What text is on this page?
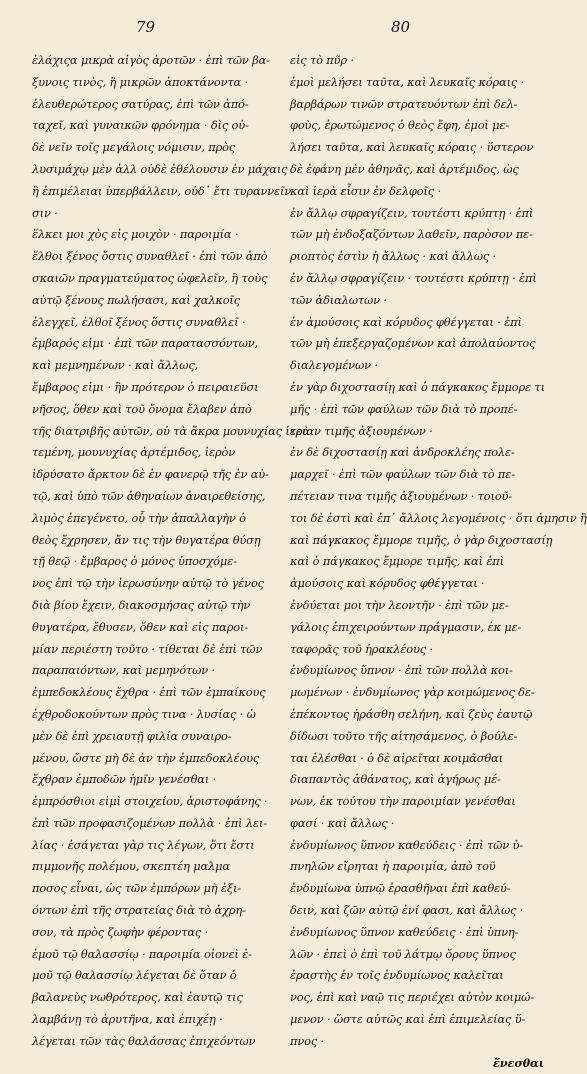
79	80
ἐλάχιςα μικρὰ αἰγὸς ἀροτῶν · ἐπὶ τῶν βα-
ξυνοις τινὸς, ἢ μικρῶν ἀποκτάνοντα ·
ἐλευθερώτερος σατύρας, ἐπὶ τῶν ἀπό-
ταχεῖ, καὶ γυναικῶν φρόνημα · δὶς οὐ-
δὲ νεῖν τοῖς μεγάλοις νόμισιν, πρὸς
λυσιμάχῳ μὲν ἀλλ οὐδὲ ἐθέλουσιν ἐν μάχαις
ἢ ἐπιμέλειαι ὑπερβάλλειν, οὐδ᾽ ἔτι τυραννεῖν
σιν ·
ἕλκει μοι χὸς εἰς μοιχὸν · παροιμία ·
ἕλθοι ξένος ὅστις συναθλεῖ · ἐπὶ τῶν ἀπὸ
σκαιῶν πραγματεύματος ὠφελεῖν, ἢ τοὺς
αὐτῷ ξένους πωλήσασι, καὶ χαλκοῖς
ἐλεγχεῖ, ἐλθοῖ ξένος ὅστις συναθλεῖ ·
ἐμβαρός εἰμι · ἐπὶ τῶν παρατασσόντων,
καὶ μεμνημένων · καὶ ἄλλως,
ἔμβαρος εἰμι · ἣν πρότερον ὁ πειραιεῦσι
νῆσος, ὅθεν καὶ τοῦ ὄνομα ἔλαβεν ἀπὸ
τῆς διατριβῆς αὐτῶν, οὐ τὰ ἄκρα μουνυχίας ἱερὰ
τεμένη, μουνυχίας ἀρτέμιδος, ἱερὸν
ἱδρύσατο ἄρκτον δὲ ἐν φανερῷ τῆς ἐν αὐ-
τῷ, καὶ ὑπὸ τῶν ἀθηναίων ἀναιρεθείσης,
λιμὸς ἐπεγένετο, οὗ τὴν ἀπαλλαγὴν ὁ
θεὸς ἔχρησεν, ἄν τις τὴν θυγατέρα θύσῃ
τῇ θεῷ · ἔμβαρος ὁ μόνος ὑποσχόμε-
νος ἐπὶ τῷ τὴν ἱερωσύνην αὐτῷ τὸ γένος
διὰ βίου ἔχειν, διακοσμήσας αὐτῷ τὴν
θυγατέρα, ἔθυσεν, ὅθεν καὶ εἰς παροι-
μίαν περιέστη τοῦτο · τίθεται δὲ ἐπὶ τῶν
παραπαιόντων, καὶ μεμηνότων ·
ἐμπεδοκλέους ἔχθρα · ἐπὶ τῶν ἐμπαίκους
ἐχθροδοκούντων πρὸς τινα · λυσίας · ὡ
μὲν δὲ ἐπὶ χρειαυτῇ φιλία συναιρο-
μένου, ὥστε μὴ δὲ ἀν τὴν ἐμπεδοκλέους
ἔχθραν ἐμποδῶν ἡμῖν γενέσθαι ·
ἐμπρόσθιοι εἰμὶ στοιχείου, ἀριστοφάνης ·
ἐπὶ τῶν προφασιζομένων πολλὰ · ἐπὶ λει-
λίας · ἐσάγεται γὰρ τις λέγων, ὅτι ἔστι
πιμμονῆς πολέμου, σκεπτέη μαλμα
ποσος εἶναι, ὡς τῶν ἐμπόρων μὴ ἐξι-
όντων ἐπὶ τῆς στρατείας διὰ τὸ ἀχρη-
σον, τὰ πρὸς ζωφὴν φέροντας ·
ἐμοῦ τῷ θαλασσίῳ · παροιμία οἰονεὶ ἐ-
μοῦ τῷ θαλασσίῳ λέγεται δὲ ὅταν ὁ
βαλανεὺς νωθρότερος, καὶ ἑαυτῷ τις
λαμβάνῃ τὸ ἀρυτῆνα, καὶ ἐπιχέῃ ·
λέγεται τῶν τὰς θαλάσσας ἐπιχεόντων
εἰς τὸ πῦρ ·
ἐμοὶ μελήσει ταῦτα, καὶ λευκαῖς κόραις ·
βαρβάρων τινῶν στρατευόντων ἐπὶ δελ-
φοὺς, ἐρωτώμενος ὁ θεὸς ἔφη, ἐμοὶ με-
λήσει ταῦτα, καὶ λευκαῖς κόραις · ὕστερον
δὲ ἐφάνη μὲν ἀθηνᾶς, καὶ ἀρτέμιδος, ὡς
καὶ ἱερὰ εἶσιν ἐν δελφοῖς ·
ἐν ἄλλῳ σφραγίζειν, τουτέστι κρύπτῃ · ἐπὶ
τῶν μὴ ἐνδοξαζόντων λαθεῖν, παρὸσον πε-
ριοπτὸς ἐστὶν ἡ ἄλλως · καὶ ἄλλως ·
ἐν ἄλλῳ σφραγίζειν · τουτέστι κρύπτῃ · ἐπὶ
τῶν ἀδιαλωτων ·
ἐν ἀμούσοις καὶ κόρυδος φθέγγεται · ἐπὶ
τῶν μὴ ἐπεξεργαζομένων καὶ ἀπολαύοντος
διαλεγομένων ·
ἐν γὰρ διχοστασίῃ καὶ ὁ πάγκακος ἔμμορε τι
μῆς · ἐπὶ τῶν φαύλων τῶν διὰ τὸ προπέ-
τειαν τιμῆς ἀξιουμένων ·
ἐν δὲ διχοστασίῃ καὶ ἀνδροκλέης πολε-
μαρχεῖ · ἐπὶ τῶν φαύλων τῶν διὰ τὸ πε-
πέτειαν τινα τιμῆς ἀξιουμένων · τοιοῦ-
τοι δὲ ἐστὶ καὶ ἐπ᾽ ἄλλοις λεγομένοις · ὅτι ἀμησιν ἢ
καὶ πάγκακος ἔμμορε τιμῆς, ὁ γὰρ διχοστασίῃ
καὶ ὁ πάγκακος ἔμμορε τιμῆς, καὶ ἐπὶ
ἀμούσοις καὶ κόρυδος φθέγγεται ·
ἐνδύεται μοι τὴν λεοντῆν · ἐπὶ τῶν με-
γάλοις ἐπιχειρούντων πράγμασιν, ἐκ με-
ταφορᾶς τοῦ ἡρακλέους ·
ἐνδυμίωνος ὕπνον · ἐπὶ τῶν πολλὰ κοι-
μωμένων · ἐνδυμίωνος γὰρ κοιμώμενος δε-
ἐπέκοντος ἠράσθη σελήνη, καὶ ζεὺς ἐαυτῷ
δίδωσι τοῦτο τῆς αἰτησάμενος, ὁ βούλε-
ται ἑλέσθαι · ὁ δὲ αἱρεῖται κοιμᾶσθαι
διαπαντὸς ἀθάνατος, καὶ ἀγήρως μέ-
νων, ἐκ τούτου τὴν παροιμίαν γενέσθαι
φασί · καὶ ἄλλως ·
ἐνδυμίωνος ὕπνον καθεύδεις · ἐπὶ τῶν ὑ-
πνηλῶν εἴρηται ἡ παροιμία, ἀπὸ τοῦ
ἐνδυμίωνα ὑπνῷ ἐρασθῆναι ἐπὶ καθεύ-
δειν, καὶ ζῶν αὐτῷ ἐνί φασι, καὶ ἄλλως ·
ἐνδυμίωνος ὕπνον καθεύδεις · ἐπὶ ὑπνη-
λῶν · ἐπεὶ ὁ ἐπὶ τοῦ λάτμῳ ὄρους ὕπνος
ἐραστὴς ἐν τοῖς ἐνδυμίωνος καλεῖται
νος, ἐπὶ καὶ ναῷ τις περιέχει αὐτὸν κοιμώ-
μενον · ὥστε αὐτῶς καὶ ἐπὶ ἐπιμελείας ὕ-
πνος ·
ἕνεσθαι
